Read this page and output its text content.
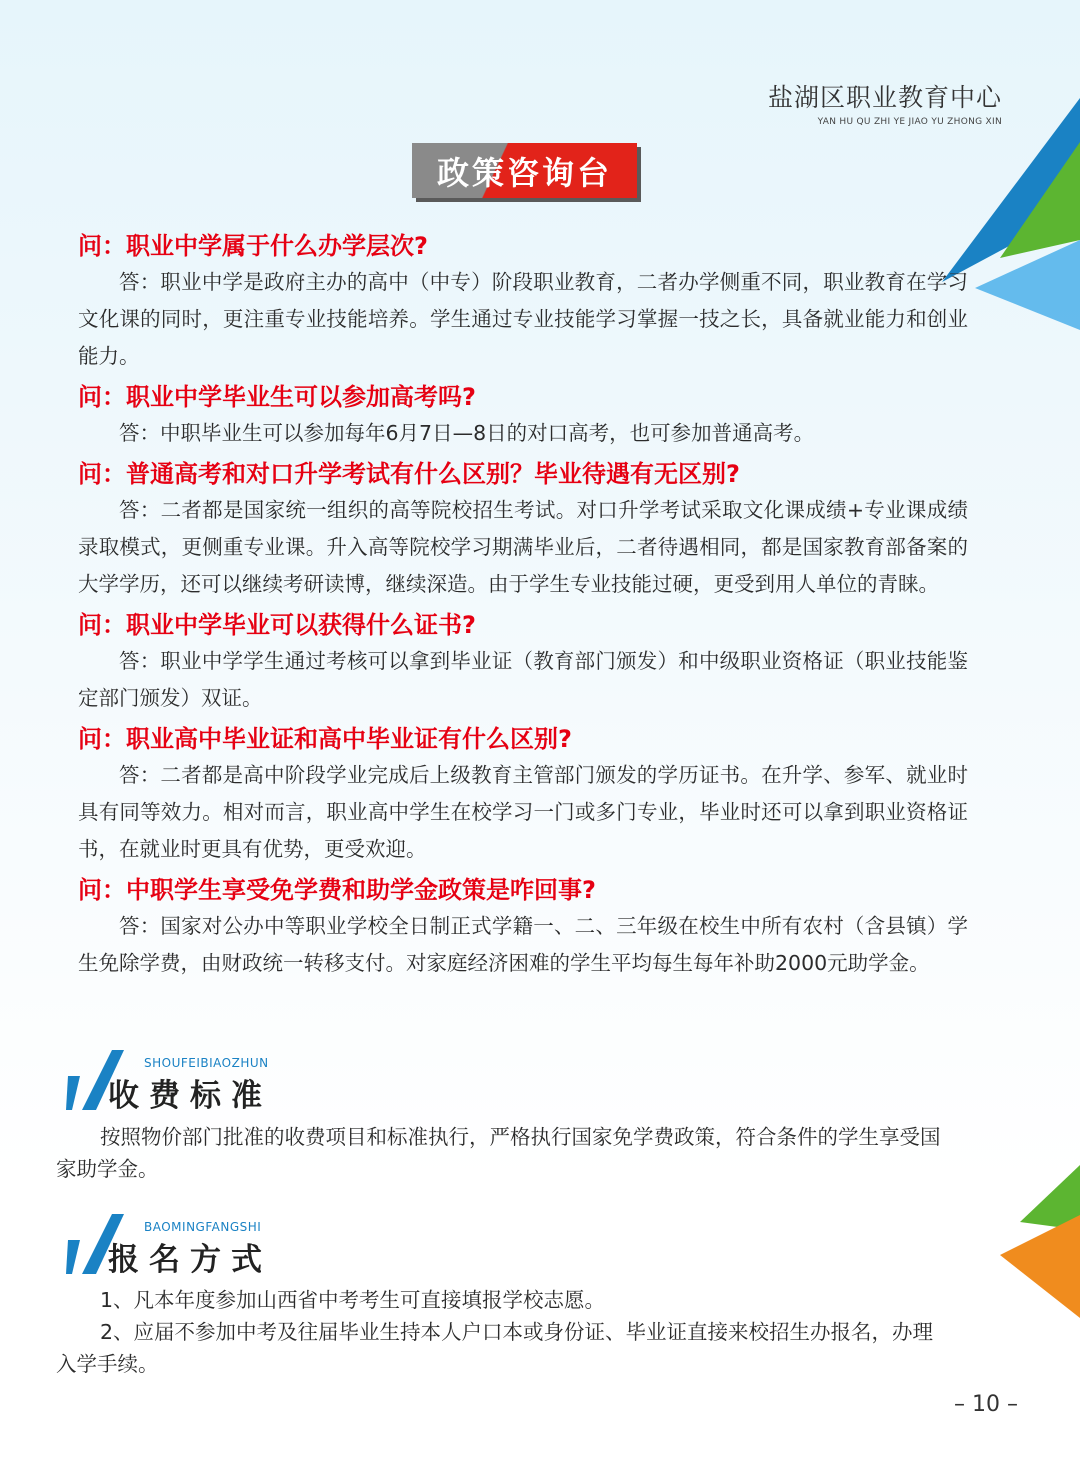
盐湖区职业教育中心
YAN HU QU ZHI YE JIAO YU ZHONG XIN
政策咨询台

问：职业中学属于什么办学层次?

答：职业中学是政府主办的高中（中专）阶段职业教育，二者办学侧重不同，职业教育在学习文化课的同时，更注重专业技能培养。学生通过专业技能学习掌握一技之长，具备就业能力和创业能力。

问：职业中学毕业生可以参加高考吗?

答：中职毕业生可以参加每年6月7日—8日的对口高考，也可参加普通高考。

问：普通高考和对口升学考试有什么区别？毕业待遇有无区别?

答：二者都是国家统一组织的高等院校招生考试。对口升学考试采取文化课成绩+专业课成绩录取模式，更侧重专业课。升入高等院校学习期满毕业后，二者待遇相同，都是国家教育部备案的大学学历，还可以继续考研读博，继续深造。由于学生专业技能过硬，更受到用人单位的青睐。

问：职业中学毕业可以获得什么证书?

答：职业中学学生通过考核可以拿到毕业证（教育部门颁发）和中级职业资格证（职业技能鉴定部门颁发）双证。

问：职业高中毕业证和高中毕业证有什么区别?

答：二者都是高中阶段学业完成后上级教育主管部门颁发的学历证书。在升学、参军、就业时具有同等效力。相对而言，职业高中学生在校学习一门或多门专业，毕业时还可以拿到职业资格证书，在就业时更具有优势，更受欢迎。

问：中职学生享受免学费和助学金政策是咋回事?

答：国家对公办中等职业学校全日制正式学籍一、二、三年级在校生中所有农村（含县镇）学生免除学费，由财政统一转移支付。对家庭经济困难的学生平均每生每年补助2000元助学金。

SHOUFEIBIAOZHUN
收费标准

按照物价部门批准的收费项目和标准执行，严格执行国家免学费政策，符合条件的学生享受国家助学金。

BAOMINGFANGSHI
报名方式

1、凡本年度参加山西省中考考生可直接填报学校志愿。

2、应届不参加中考及往届毕业生持本人户口本或身份证、毕业证直接来校招生办报名，办理入学手续。

– 10 –
